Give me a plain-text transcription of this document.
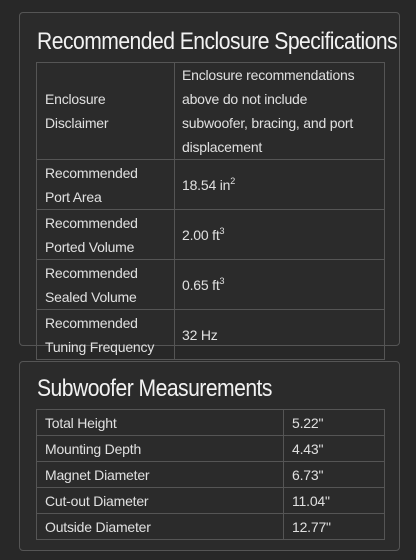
Recommended Enclosure Specifications
Enclosure Disclaimer	Enclosure recommendations above do not include subwoofer, bracing, and port displacement
Recommended Port Area	18.54 $in^2$
Recommended Ported Volume	2.00 $ft^3$
Recommended Sealed Volume	0.65 $ft^3$
Recommended Tuning Frequency	32 Hz
Subwoofer Measurements
Total Height	5.22"
Mounting Depth	4.43"
Magnet Diameter	6.73"
Cut-out Diameter	11.04"
Outside Diameter	12.77"
